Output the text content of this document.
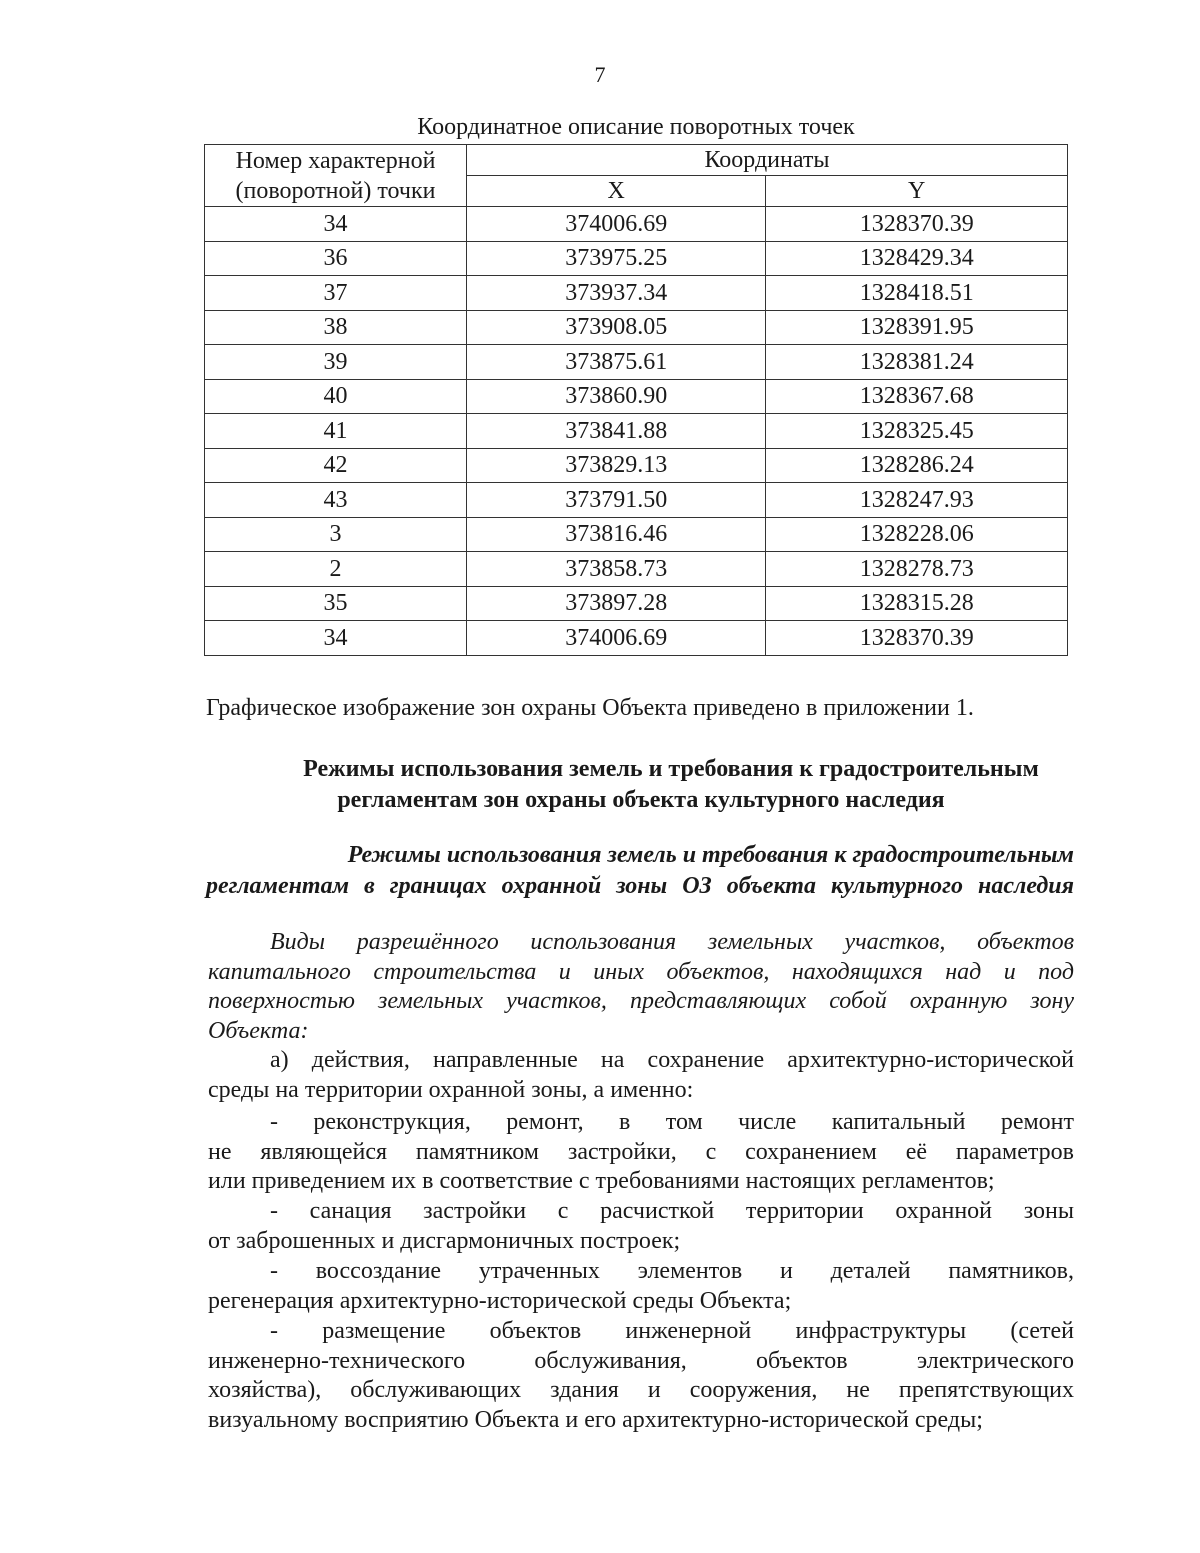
7
Координатное описание поворотных точек
Номер характерной
(поворотной) точки	Координаты	
	X	Y
34	374006.69	1328370.39
36	373975.25	1328429.34
37	373937.34	1328418.51
38	373908.05	1328391.95
39	373875.61	1328381.24
40	373860.90	1328367.68
41	373841.88	1328325.45
42	373829.13	1328286.24
43	373791.50	1328247.93
3	373816.46	1328228.06
2	373858.73	1328278.73
35	373897.28	1328315.28
34	374006.69	1328370.39
Графическое изображение зон охраны Объекта приведено в приложении 1.
Режимы использования земель и требования к градостроительным
регламентам зон охраны объекта культурного наследия
Режимы использования земель и требования к градостроительным
регламентам в границах охранной зоны ОЗ объекта культурного наследия
Виды разрешённого использования земельных участков, объектов
капитального строительства и иных объектов, находящихся над и под
поверхностью земельных участков, представляющих собой охранную зону
Объекта:
а) действия, направленные на сохранение архитектурно-исторической
среды на территории охранной зоны, а именно:
- реконструкция, ремонт, в том числе капитальный ремонт
не являющейся памятником застройки, с сохранением её параметров
или приведением их в соответствие с требованиями настоящих регламентов;
- санация застройки с расчисткой территории охранной зоны
от заброшенных и дисгармоничных построек;
- воссоздание утраченных элементов и деталей памятников,
регенерация архитектурно-исторической среды Объекта;
- размещение объектов инженерной инфраструктуры (сетей
инженерно-технического обслуживания, объектов электрического
хозяйства), обслуживающих здания и сооружения, не препятствующих
визуальному восприятию Объекта и его архитектурно-исторической среды;
